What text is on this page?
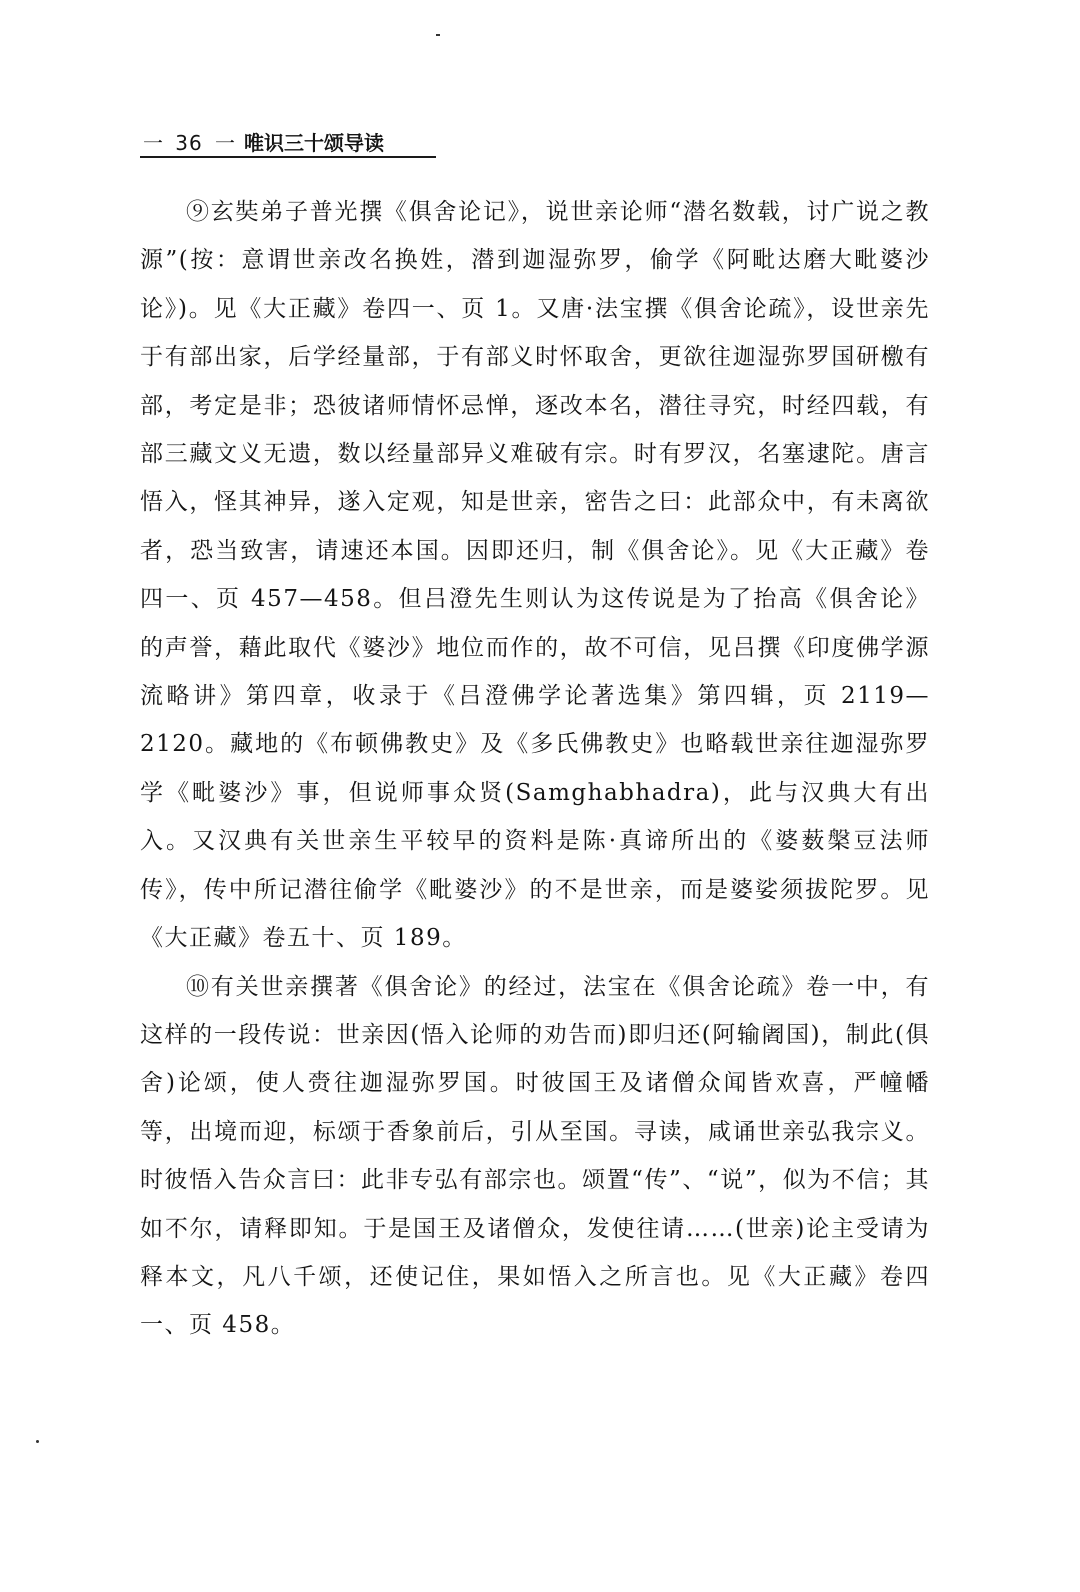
一 36 一 唯识三十颂导读

⑨玄奘弟子普光撰《俱舍论记》，说世亲论师“潜名数载，讨广说之教源”(按：意谓世亲改名换姓，潜到迦湿弥罗，偷学《阿毗达磨大毗婆沙论》)。见《大正藏》卷四一、页 1。又唐·法宝撰《俱舍论疏》，设世亲先于有部出家，后学经量部，于有部义时怀取舍，更欲往迦湿弥罗国研檄有部，考定是非；恐彼诸师情怀忌惮，逐改本名，潜往寻究，时经四载，有部三藏文义无遗，数以经量部异义难破有宗。时有罗汉，名塞逮陀。唐言悟入，怪其神异，遂入定观，知是世亲，密告之曰：此部众中，有未离欲者，恐当致害，请速还本国。因即还归，制《俱舍论》。见《大正藏》卷四一、页 457—458。但吕澄先生则认为这传说是为了抬高《俱舍论》的声誉，藉此取代《婆沙》地位而作的，故不可信，见吕撰《印度佛学源流略讲》第四章，收录于《吕澄佛学论著选集》第四辑，页 2119—2120。藏地的《布顿佛教史》及《多氏佛教史》也略载世亲往迦湿弥罗学《毗婆沙》事，但说师事众贤(Samghabhadra)，此与汉典大有出入。又汉典有关世亲生平较早的资料是陈·真谛所出的《婆薮槃豆法师传》，传中所记潜往偷学《毗婆沙》的不是世亲，而是婆娑须拔陀罗。见《大正藏》卷五十、页 189。

⑩有关世亲撰著《俱舍论》的经过，法宝在《俱舍论疏》卷一中，有这样的一段传说：世亲因(悟入论师的劝告而)即归还(阿输阇国)，制此(俱舍)论颂，使人赍往迦湿弥罗国。时彼国王及诸僧众闻皆欢喜，严幢幡等，出境而迎，标颂于香象前后，引从至国。寻读，咸诵世亲弘我宗义。时彼悟入告众言曰：此非专弘有部宗也。颂置“传”、“说”，似为不信；其如不尔，请释即知。于是国王及诸僧众，发使往请……(世亲)论主受请为释本文，凡八千颂，还使记住，果如悟入之所言也。见《大正藏》卷四一、页 458。
